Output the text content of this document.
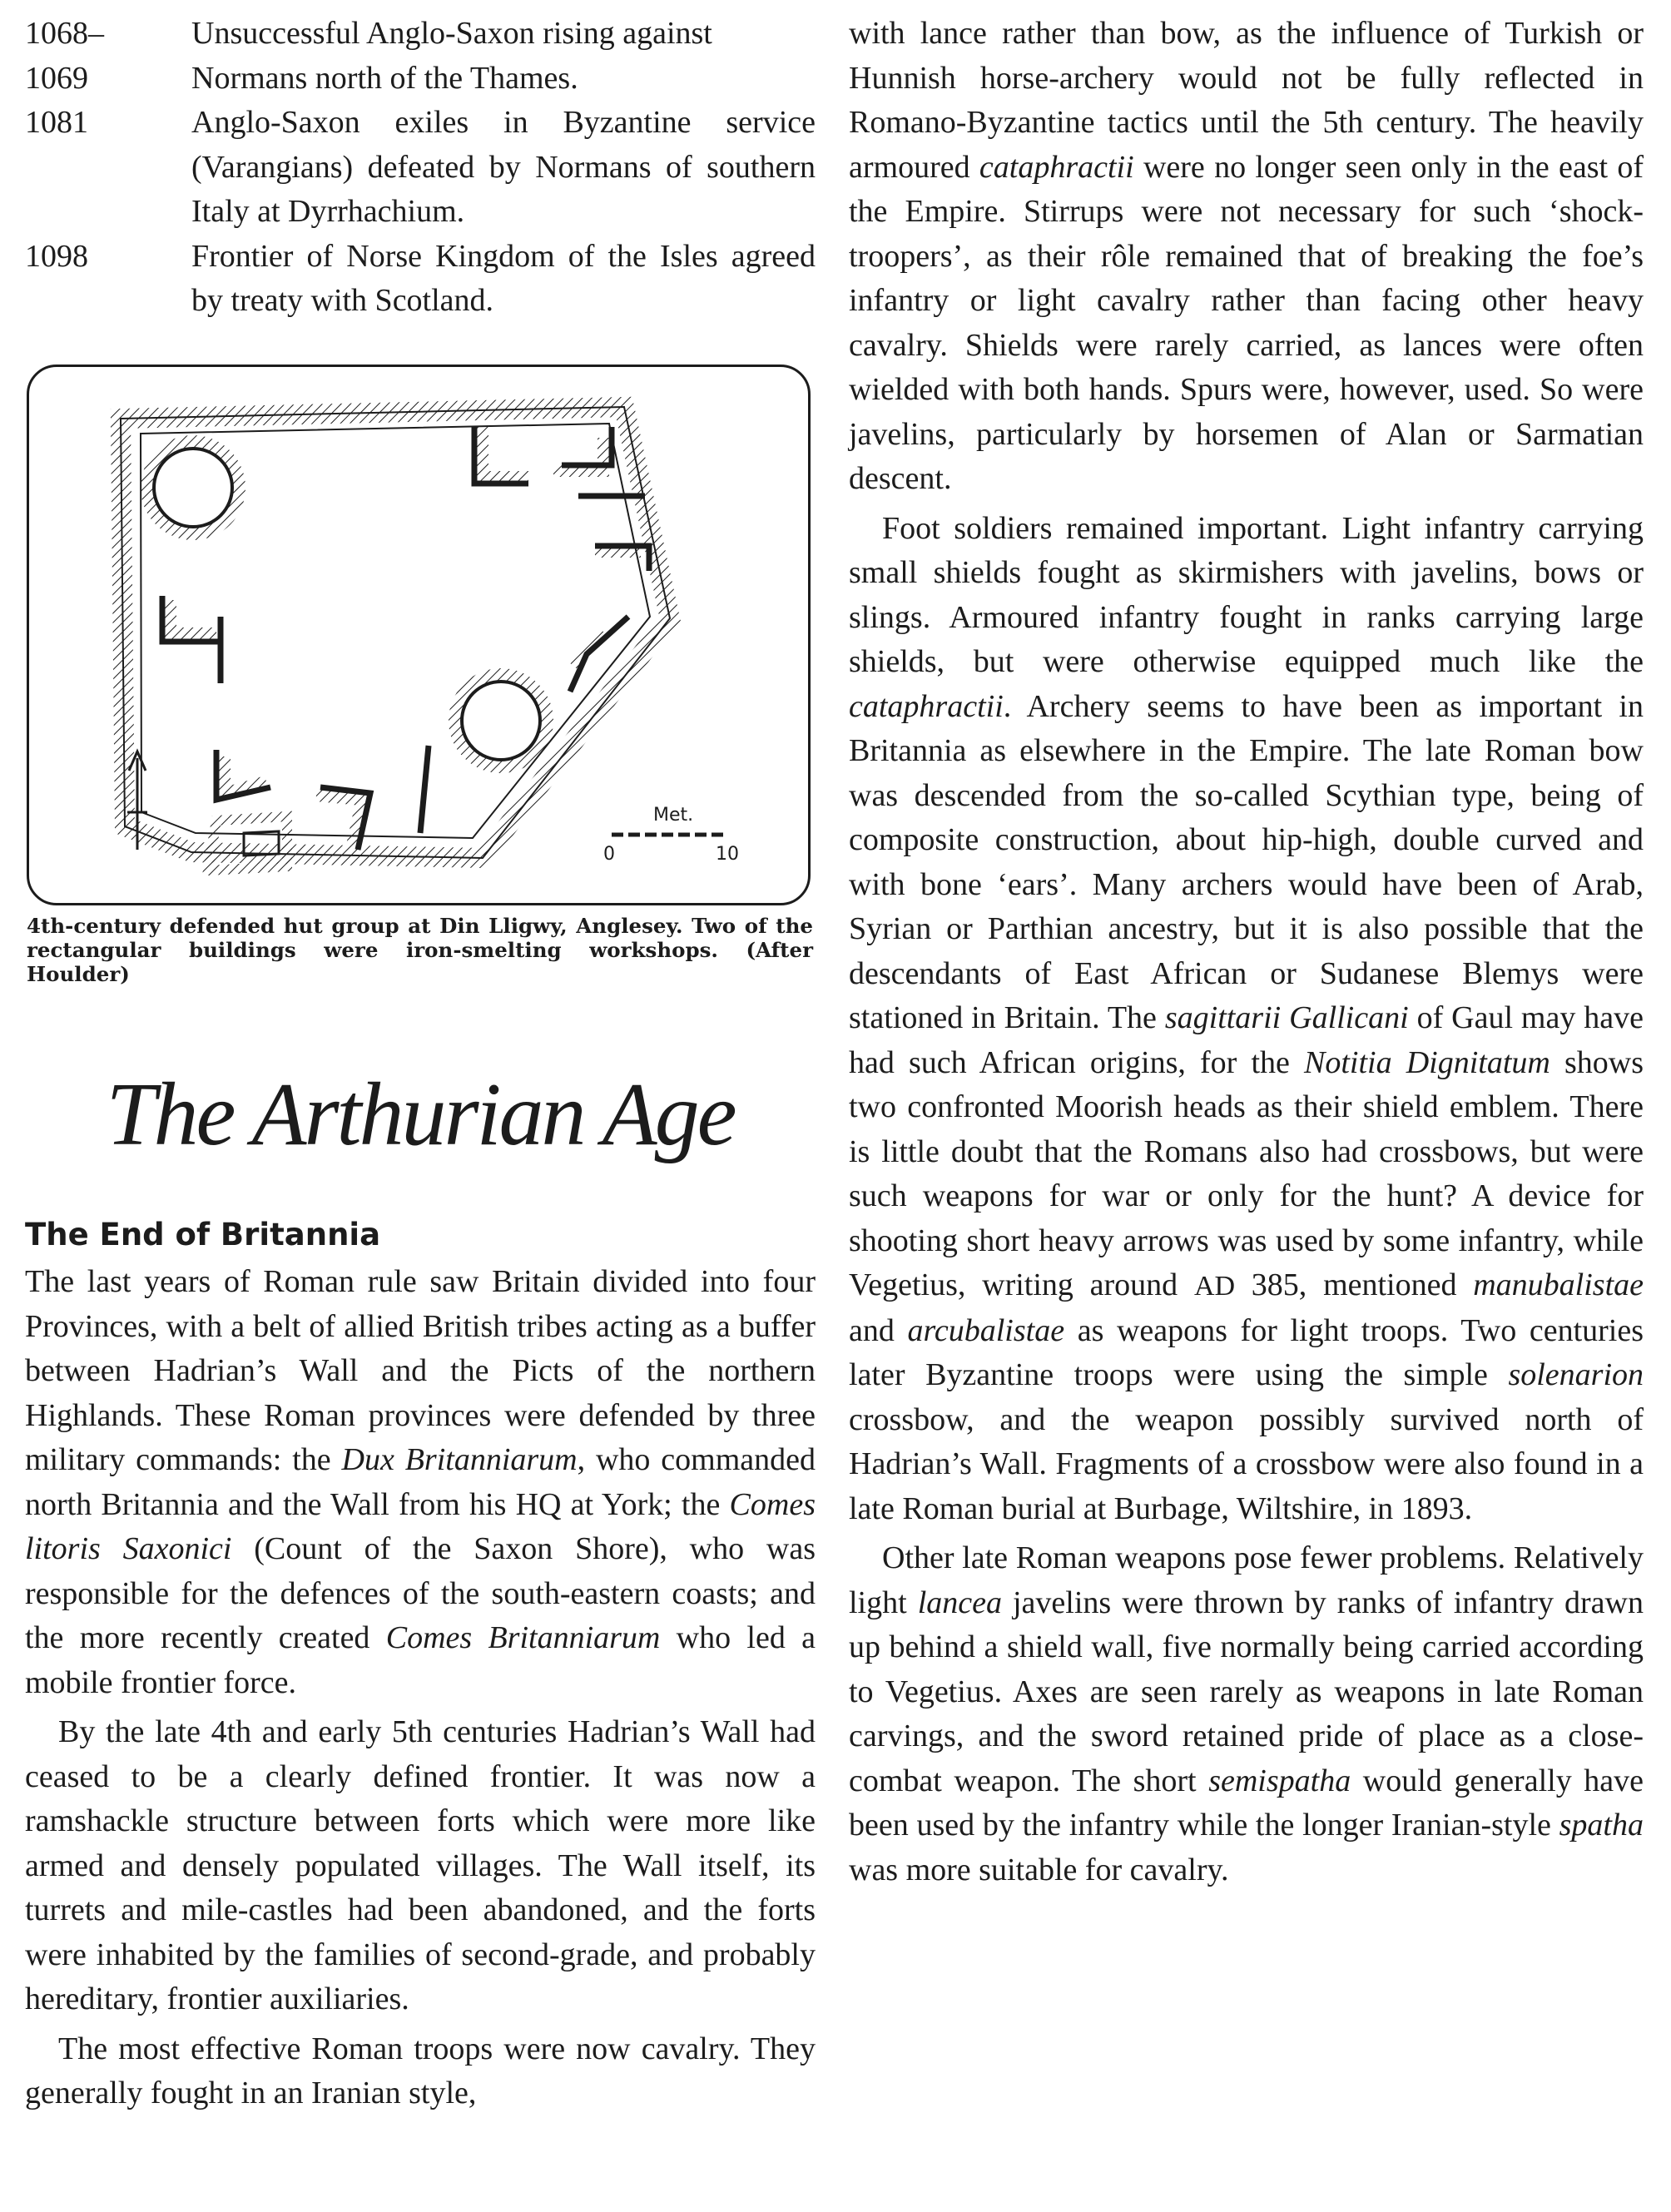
1068–	Unsuccessful Anglo-Saxon rising against
1069	Normans north of the Thames.
1081	Anglo-Saxon exiles in Byzantine service (Varangians) defeated by Normans of southern Italy at Dyrrhachium.
1098	Frontier of Norse Kingdom of the Isles agreed by treaty with Scotland.
Met.
0	10
4th-century defended hut group at Din Lligwy, Anglesey. Two of the rectangular buildings were iron-smelting workshops. (After Houlder)
The Arthurian Age
The End of Britannia

The last years of Roman rule saw Britain divided into four Provinces, with a belt of allied British tribes acting as a buffer between Hadrian’s Wall and the Picts of the northern Highlands. These Roman provinces were defended by three military commands: the Dux Britanniarum, who commanded north Britannia and the Wall from his HQ at York; the Comes litoris Saxonici (Count of the Saxon Shore), who was responsible for the defences of the south-eastern coasts; and the more recently created Comes Britanniarum who led a mobile frontier force.

By the late 4th and early 5th centuries Hadrian’s Wall had ceased to be a clearly defined frontier. It was now a ramshackle structure between forts which were more like armed and densely populated villages. The Wall itself, its turrets and mile-castles had been abandoned, and the forts were inhabited by the families of second-grade, and probably hereditary, frontier auxiliaries.

The most effective Roman troops were now cavalry. They generally fought in an Iranian style,

with lance rather than bow, as the influence of Turkish or Hunnish horse-archery would not be fully reflected in Romano-Byzantine tactics until the 5th century. The heavily armoured cataphractii were no longer seen only in the east of the Empire. Stirrups were not necessary for such ‘shock-troopers’, as their rôle remained that of breaking the foe’s infantry or light cavalry rather than facing other heavy cavalry. Shields were rarely carried, as lances were often wielded with both hands. Spurs were, however, used. So were javelins, particularly by horsemen of Alan or Sarmatian descent.

Foot soldiers remained important. Light infantry carrying small shields fought as skirmishers with javelins, bows or slings. Armoured infantry fought in ranks carrying large shields, but were otherwise equipped much like the cataphractii. Archery seems to have been as important in Britannia as elsewhere in the Empire. The late Roman bow was descended from the so-called Scythian type, being of composite construction, about hip-high, double curved and with bone ‘ears’. Many archers would have been of Arab, Syrian or Parthian ancestry, but it is also possible that the descendants of East African or Sudanese Blemys were stationed in Britain. The sagittarii Gallicani of Gaul may have had such African origins, for the Notitia Dignitatum shows two confronted Moorish heads as their shield emblem. There is little doubt that the Romans also had crossbows, but were such weapons for war or only for the hunt? A device for shooting short heavy arrows was used by some infantry, while Vegetius, writing around AD 385, mentioned manubalistae and arcubalistae as weapons for light troops. Two centuries later Byzantine troops were using the simple solenarion crossbow, and the weapon possibly survived north of Hadrian’s Wall. Fragments of a crossbow were also found in a late Roman burial at Burbage, Wiltshire, in 1893.

Other late Roman weapons pose fewer problems. Relatively light lancea javelins were thrown by ranks of infantry drawn up behind a shield wall, five normally being carried according to Vegetius. Axes are seen rarely as weapons in late Roman carvings, and the sword retained pride of place as a close-combat weapon. The short semispatha would generally have been used by the infantry while the longer Iranian-style spatha was more suitable for cavalry.
